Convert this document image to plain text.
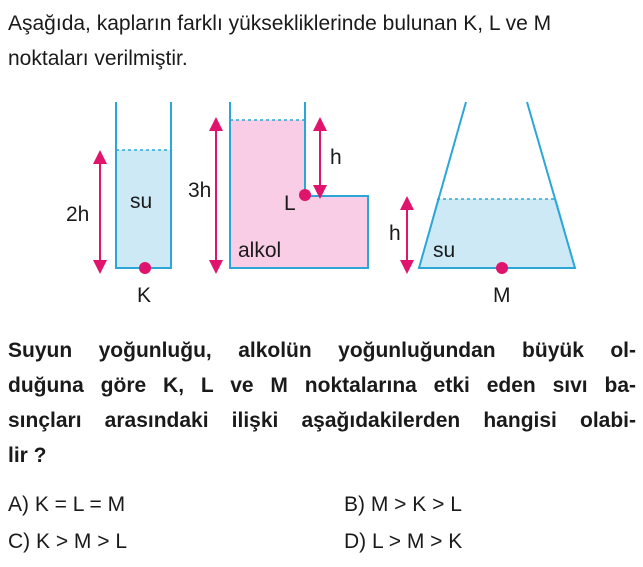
Aşağıda, kapların farklı yüksekliklerinde bulunan K, L ve M
noktaları verilmiştir.
2h
su
K
3h
h
alkol
L
h
su
M
Suyun yoğunluğu, alkolün yoğunluğundan büyük ol-
duğuna göre K, L ve M noktalarına etki eden sıvı ba-
sınçları arasındaki ilişki aşağıdakilerden hangisi olabi-
lir ?
A) K = L = M	B) M > K > L
C) K > M > L	D) L > M > K
